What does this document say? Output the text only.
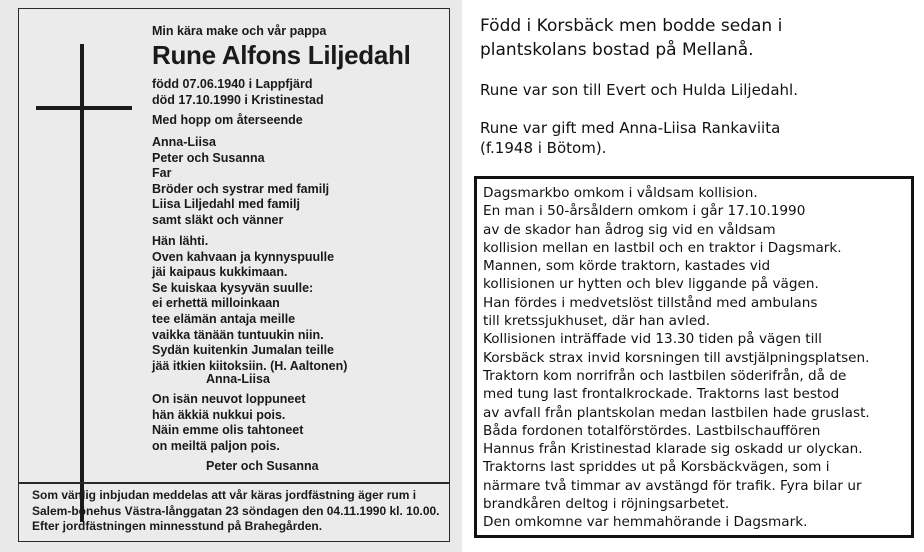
Min kära make och vår pappa
Rune Alfons Liljedahl
född 07.06.1940 i Lappfjärd
död 17.10.1990 i Kristinestad
Med hopp om återseende
Anna-Liisa
Peter och Susanna
Far
Bröder och systrar med familj
Liisa Liljedahl med familj
samt släkt och vänner
Hän lähti.
Oven kahvaan ja kynnyspuulle
jäi kaipaus kukkimaan.
Se kuiskaa kysyvän suulle:
ei erhettä milloinkaan
tee elämän antaja meille
vaikka tänään tuntuukin niin.
Sydän kuitenkin Jumalan teille
jää itkien kiitoksiin. (H. Aaltonen)
Anna-Liisa
On isän neuvot loppuneet
hän äkkiä nukkui pois.
Näin emme olis tahtoneet
on meiltä paljon pois.
Peter och Susanna
Som vänlig inbjudan meddelas att vår käras jordfästning äger rum i
Salem-bönehus Västra-långgatan 23 söndagen den 04.11.1990 kl. 10.00.
Efter jordfästningen minnesstund på Brahegården.
Född i Korsbäck men bodde sedan i
plantskolans bostad på Mellanå.
Rune var son till Evert och Hulda Liljedahl.
Rune var gift med Anna-Liisa Rankaviita
(f.1948 i Bötom).
Dagsmarkbo omkom i våldsam kollision.
En man i 50-årsåldern omkom i går 17.10.1990
av de skador han ådrog sig vid en våldsam
kollision mellan en lastbil och en traktor i Dagsmark.
Mannen, som körde traktorn, kastades vid
kollisionen ur hytten och blev liggande på vägen.
Han fördes i medvetslöst tillstånd med ambulans
till kretssjukhuset, där han avled.
Kollisionen inträffade vid 13.30 tiden på vägen till
Korsbäck strax invid korsningen till avstjälpningsplatsen.
Traktorn kom norrifrån och lastbilen söderifrån, då de
med tung last frontalkrockade. Traktorns last bestod
av avfall från plantskolan medan lastbilen hade gruslast.
Båda fordonen totalförstördes. Lastbilschauffören
Hannus från Kristinestad klarade sig oskadd ur olyckan.
Traktorns last spriddes ut på Korsbäckvägen, som i
närmare två timmar av avstängd för trafik. Fyra bilar ur
brandkåren deltog i röjningsarbetet.
Den omkomne var hemmahörande i Dagsmark.
